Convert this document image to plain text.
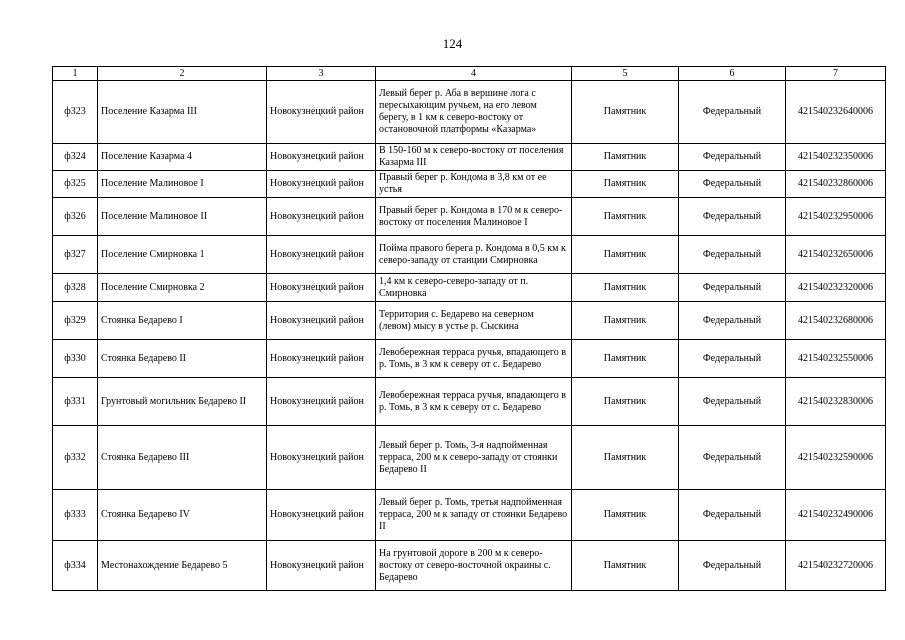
124
1	2	3	4	5	6	7
ф323	Поселение Казарма III	Новокузнецкий район	Левый берег р. Аба в вершине лога с пересыхающим ручьем, на его левом берегу, в 1 км к северо-востоку от остановочной платформы «Казарма»	Памятник	Федеральный	421540232640006
ф324	Поселение Казарма 4	Новокузнецкий район	В 150-160 м к северо-востоку от поселения Казарма III	Памятник	Федеральный	421540232350006
ф325	Поселение Малиновое I	Новокузнецкий район	Правый берег р. Кондома в 3,8 км от ее устья	Памятник	Федеральный	421540232860006
ф326	Поселение Малиновое II	Новокузнецкий район	Правый берег р. Кондома в 170 м к северо-востоку от поселения Малиновое I	Памятник	Федеральный	421540232950006
ф327	Поселение Смирновка 1	Новокузнецкий район	Пойма правого берега р. Кондома в 0,5 км к северо-западу от станции Смирновка	Памятник	Федеральный	421540232650006
ф328	Поселение Смирновка 2	Новокузнецкий район	1,4 км к северо-северо-западу от п. Смирновка	Памятник	Федеральный	421540232320006
ф329	Стоянка Бедарево I	Новокузнецкий район	Территория с. Бедарево на северном (левом) мысу в устье р. Сыскина	Памятник	Федеральный	421540232680006
ф330	Стоянка Бедарево II	Новокузнецкий район	Левобережная терраса ручья, впадающего в р. Томь, в 3 км к северу от с. Бедарево	Памятник	Федеральный	421540232550006
ф331	Грунтовый могильник Бедарево II	Новокузнецкий район	Левобережная терраса ручья, впадающего в р. Томь, в 3 км к северу от с. Бедарево	Памятник	Федеральный	421540232830006
ф332	Стоянка Бедарево III	Новокузнецкий район	Левый берег р. Томь, 3-я надпойменная терраса, 200 м к северо-западу от стоянки Бедарево II	Памятник	Федеральный	421540232590006
ф333	Стоянка Бедарево IV	Новокузнецкий район	Левый берег р. Томь, третья надпойменная терраса, 200 м к западу от стоянки Бедарево II	Памятник	Федеральный	421540232490006
ф334	Местонахождение Бедарево 5	Новокузнецкий район	На грунтовой дороге в 200 м к северо-востоку от северо-восточной окраины с. Бедарево	Памятник	Федеральный	421540232720006
